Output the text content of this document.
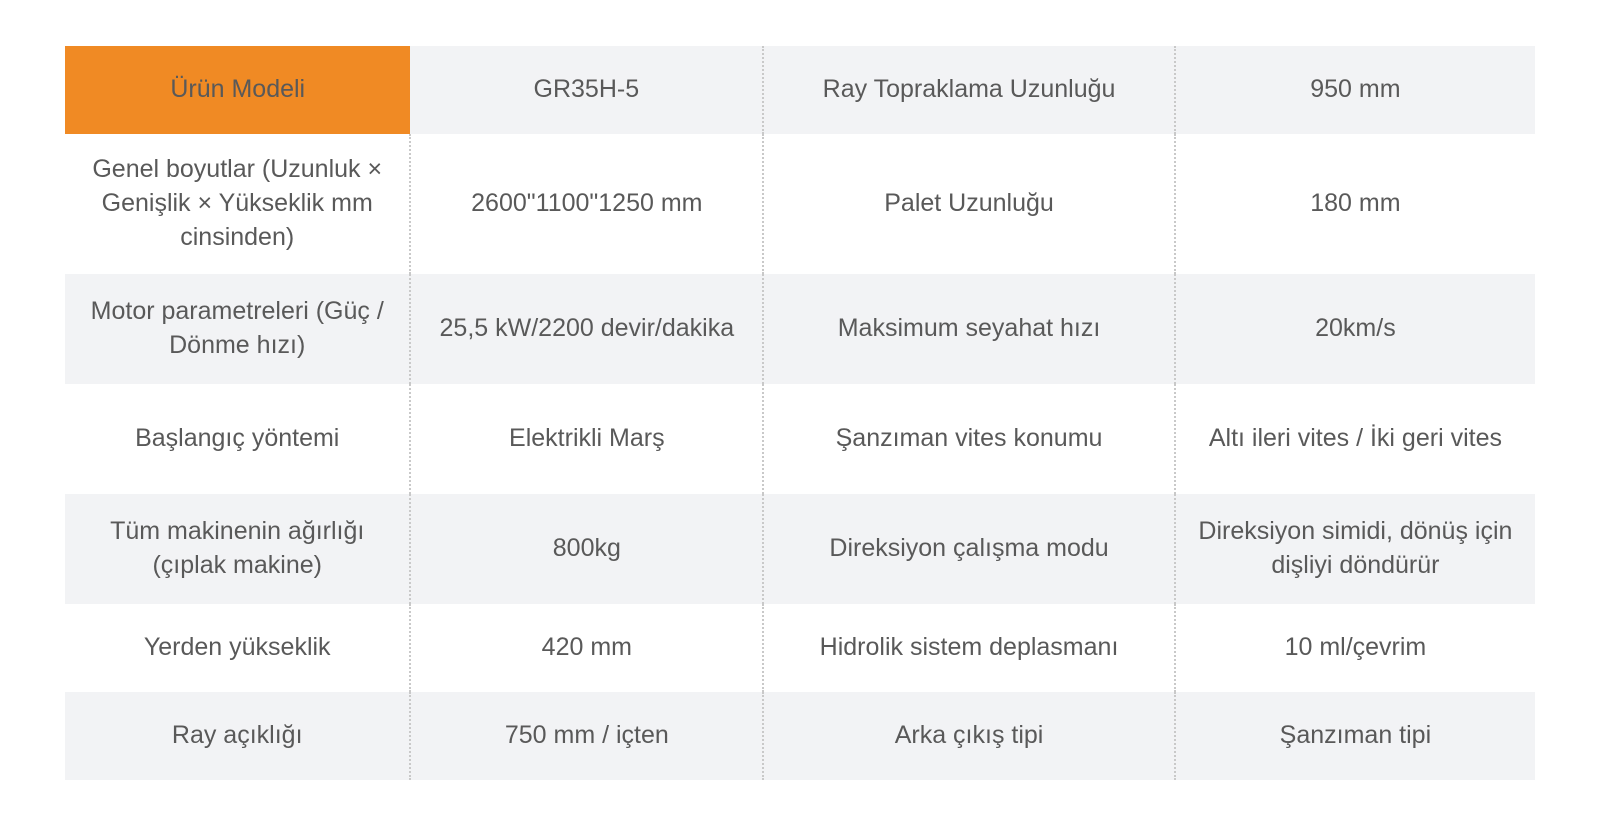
Ürün Modeli	GR35H-5	Ray Topraklama Uzunluğu	950 mm
Genel boyutlar (Uzunluk × Genişlik × Yükseklik mm cinsinden)	2600"1100"1250 mm	Palet Uzunluğu	180 mm
Motor parametreleri (Güç / Dönme hızı)	25,5 kW/2200 devir/dakika	Maksimum seyahat hızı	20km/s
Başlangıç yöntemi	Elektrikli Marş	Şanzıman vites konumu	Altı ileri vites / İki geri vites
Tüm makinenin ağırlığı (çıplak makine)	800kg	Direksiyon çalışma modu	Direksiyon simidi, dönüş için dişliyi döndürür
Yerden yükseklik	420 mm	Hidrolik sistem deplasmanı	10 ml/çevrim
Ray açıklığı	750 mm / içten	Arka çıkış tipi	Şanzıman tipi
